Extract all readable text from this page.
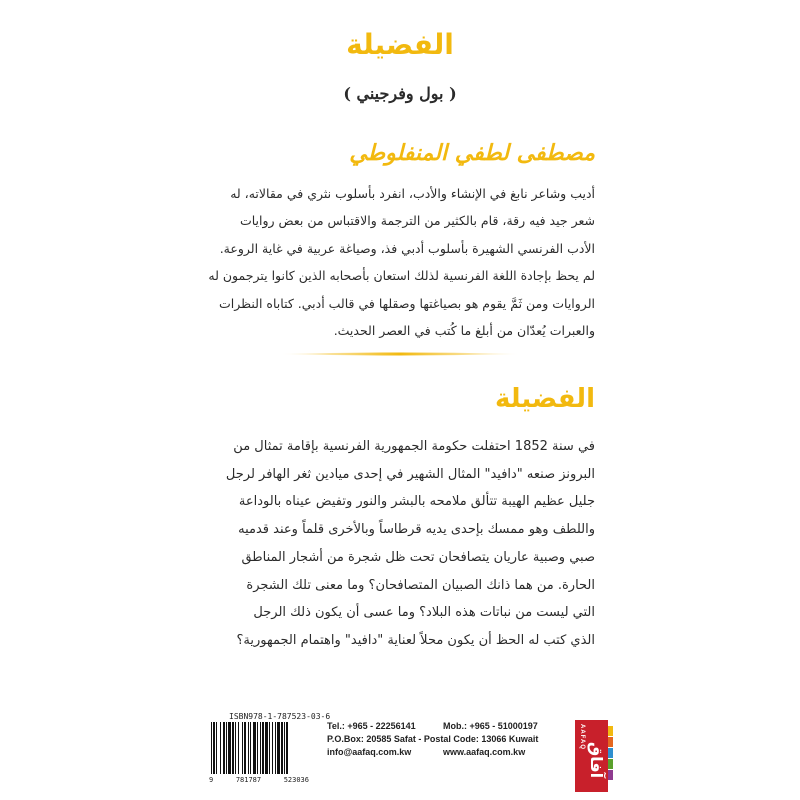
الفضيلة
( بول وفرجيني )
مصطفى لطفي المنفلوطي
أديب وشاعر نابغ في الإنشاء والأدب، انفرد بأسلوب نثري في مقالاته، له
شعر جيد فيه رقة، قام بالكثير من الترجمة والاقتباس من بعض روايات
الأدب الفرنسي الشهيرة بأسلوب أدبي فذ، وصياغة عربية في غاية الروعة.
لم يحظ بإجادة اللغة الفرنسية لذلك استعان بأصحابه الذين كانوا يترجمون له
الروايات ومن ثَمَّ يقوم هو بصياغتها وصقلها في قالب أدبي. كتاباه النظرات
والعبرات يُعدّان من أبلغ ما كُتب في العصر الحديث.
الفضيلة
في سنة 1852 احتفلت حكومة الجمهورية الفرنسية بإقامة تمثال من
البرونز صنعه "دافيد" المثال الشهير في إحدى ميادين ثغر الهافر لرجل
جليل عظيم الهيبة تتألق ملامحه بالبشر والنور وتفيض عيناه بالوداعة
واللطف وهو ممسك بإحدى يديه قرطاساً وبالأخرى قلماً وعند قدميه
صبي وصبية عاريان يتصافحان تحت ظل شجرة من أشجار المناطق
الحارة. من هما ذانك الصبيان المتصافحان؟ وما معنى تلك الشجرة
التي ليست من نباتات هذه البلاد؟ وما عسى أن يكون ذلك الرجل
الذي كتب له الحظ أن يكون محلاً لعناية "دافيد" واهتمام الجمهورية؟
ISBN978-1-787523-03-6
9	781787	523036
Tel.: +965 - 22256141	Mob.: +965 - 51000197
P.O.Box: 20585 Safat - Postal Code: 13066 Kuwait
info@aafaq.com.kw	www.aafaq.com.kw
AAFAQ
آفاق
